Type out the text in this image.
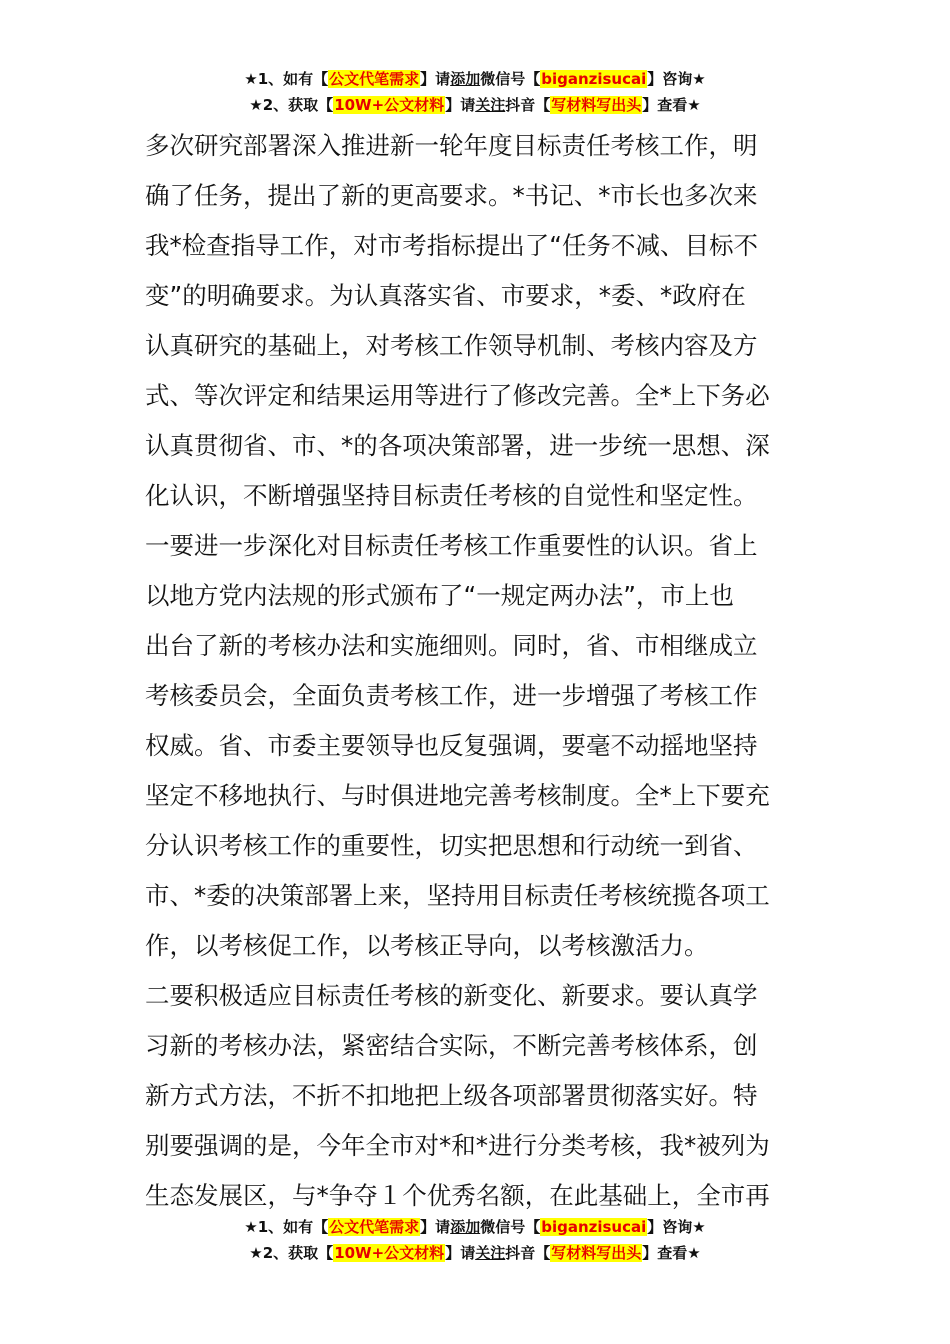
★1、如有【公文代笔需求】请添加微信号【biganzisucai】咨询★
★2、获取【10W+公文材料】请关注抖音【写材料写出头】查看★
多次研究部署深入推进新一轮年度目标责任考核工作，明
确了任务，提出了新的更高要求。*书记、*市长也多次来
我*检查指导工作，对市考指标提出了“任务不减、目标不
变”的明确要求。为认真落实省、市要求，*委、*政府在
认真研究的基础上，对考核工作领导机制、考核内容及方
式、等次评定和结果运用等进行了修改完善。全*上下务必
认真贯彻省、市、*的各项决策部署，进一步统一思想、深
化认识，不断增强坚持目标责任考核的自觉性和坚定性。
一要进一步深化对目标责任考核工作重要性的认识。省上
以地方党内法规的形式颁布了“一规定两办法”，市上也
出台了新的考核办法和实施细则。同时，省、市相继成立
考核委员会，全面负责考核工作，进一步增强了考核工作
权威。省、市委主要领导也反复强调，要毫不动摇地坚持
坚定不移地执行、与时俱进地完善考核制度。全*上下要充
分认识考核工作的重要性，切实把思想和行动统一到省、
市、*委的决策部署上来，坚持用目标责任考核统揽各项工
作，以考核促工作，以考核正导向，以考核激活力。
二要积极适应目标责任考核的新变化、新要求。要认真学
习新的考核办法，紧密结合实际，不断完善考核体系，创
新方式方法，不折不扣地把上级各项部署贯彻落实好。特
别要强调的是，今年全市对*和*进行分类考核，我*被列为
生态发展区，与*争夺１个优秀名额，在此基础上，全市再
★1、如有【公文代笔需求】请添加微信号【biganzisucai】咨询★
★2、获取【10W+公文材料】请关注抖音【写材料写出头】查看★
